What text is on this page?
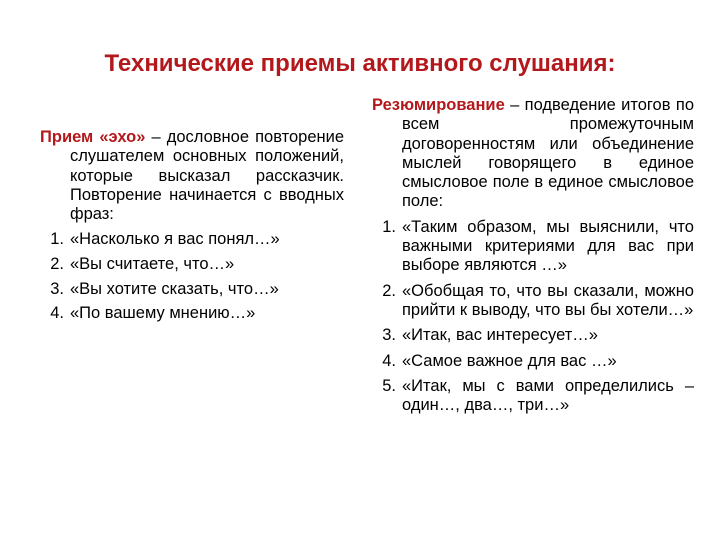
Технические приемы активного слушания:
Прием «эхо» – дословное повторение слушателем основных положений, которые высказал рассказчик. Повторение начинается с вводных фраз:
1. «Насколько я вас понял…»
2. «Вы считаете, что…»
3. «Вы хотите сказать, что…»
4. «По вашему мнению…»
Резюмирование – подведение итогов по всем промежуточным договоренностям или объединение мыслей говорящего в единое смысловое поле в единое смысловое поле:
1. «Таким образом, мы выяснили, что важными критериями для вас при выборе являются …»
2. «Обобщая то, что вы сказали, можно прийти к выводу, что вы бы хотели…»
3. «Итак, вас интересует…»
4. «Самое важное для вас …»
5. «Итак, мы с вами определились – один…, два…, три…»
